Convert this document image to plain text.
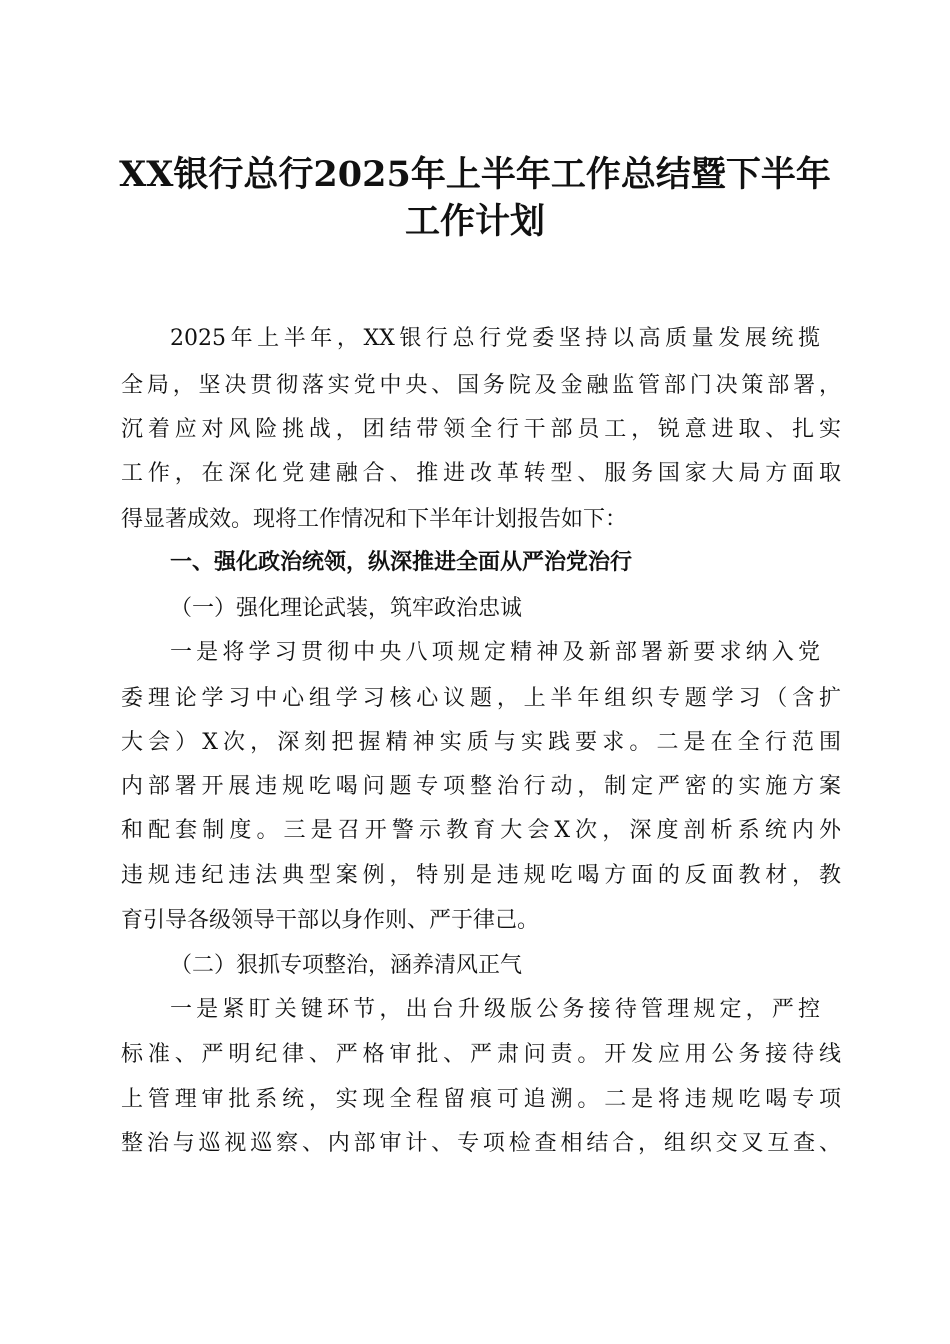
XX银行总行2025年上半年工作总结暨下半年
工作计划

2025年上半年，XX银行总行党委坚持以高质量发展统揽

全局，坚决贯彻落实党中央、国务院及金融监管部门决策部署，

沉着应对风险挑战，团结带领全行干部员工，锐意进取、扎实

工作，在深化党建融合、推进改革转型、服务国家大局方面取

得显著成效。现将工作情况和下半年计划报告如下：

一、强化政治统领，纵深推进全面从严治党治行

（一）强化理论武装，筑牢政治忠诚

一是将学习贯彻中央八项规定精神及新部署新要求纳入党

委理论学习中心组学习核心议题，上半年组织专题学习（含扩

大会）X次，深刻把握精神实质与实践要求。二是在全行范围

内部署开展违规吃喝问题专项整治行动，制定严密的实施方案

和配套制度。三是召开警示教育大会X次，深度剖析系统内外

违规违纪违法典型案例，特别是违规吃喝方面的反面教材，教

育引导各级领导干部以身作则、严于律己。

（二）狠抓专项整治，涵养清风正气

一是紧盯关键环节，出台升级版公务接待管理规定，严控

标准、严明纪律、严格审批、严肃问责。开发应用公务接待线

上管理审批系统，实现全程留痕可追溯。二是将违规吃喝专项

整治与巡视巡察、内部审计、专项检查相结合，组织交叉互查、
